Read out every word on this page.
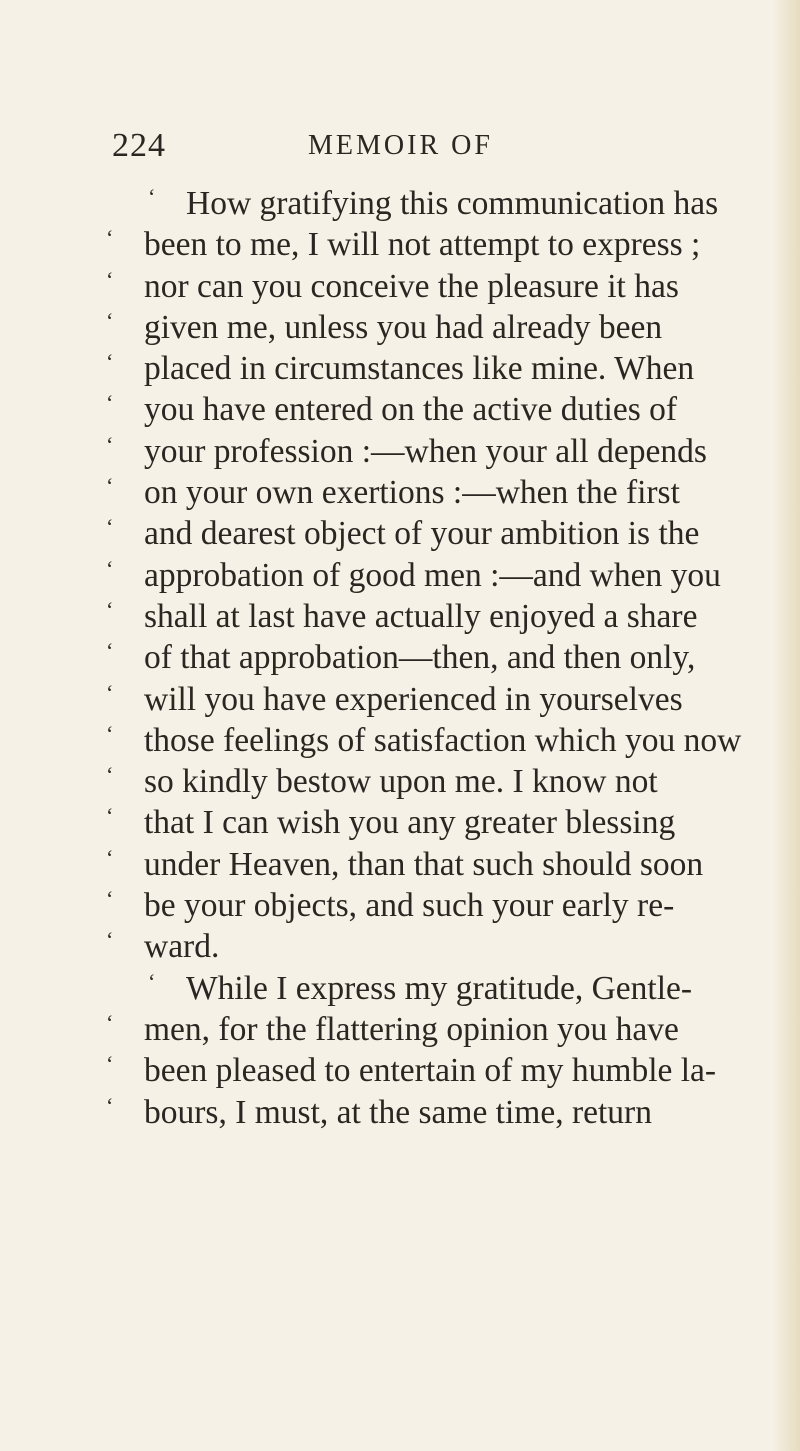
224	MEMOIR OF
‘ How gratifying this communication has
‘ been to me, I will not attempt to express ;
‘ nor can you conceive the pleasure it has
‘ given me, unless you had already been
‘ placed in circumstances like mine. When
‘ you have entered on the active duties of
‘ your profession :—when your all depends
‘ on your own exertions :—when the first
‘ and dearest object of your ambition is the
‘ approbation of good men :—and when you
‘ shall at last have actually enjoyed a share
‘ of that approbation—then, and then only,
‘ will you have experienced in yourselves
‘ those feelings of satisfaction which you now
‘ so kindly bestow upon me. I know not
‘ that I can wish you any greater blessing
‘ under Heaven, than that such should soon
‘ be your objects, and such your early re-
‘ ward.
‘ While I express my gratitude, Gentle-
‘ men, for the flattering opinion you have
‘ been pleased to entertain of my humble la-
‘ bours, I must, at the same time, return
